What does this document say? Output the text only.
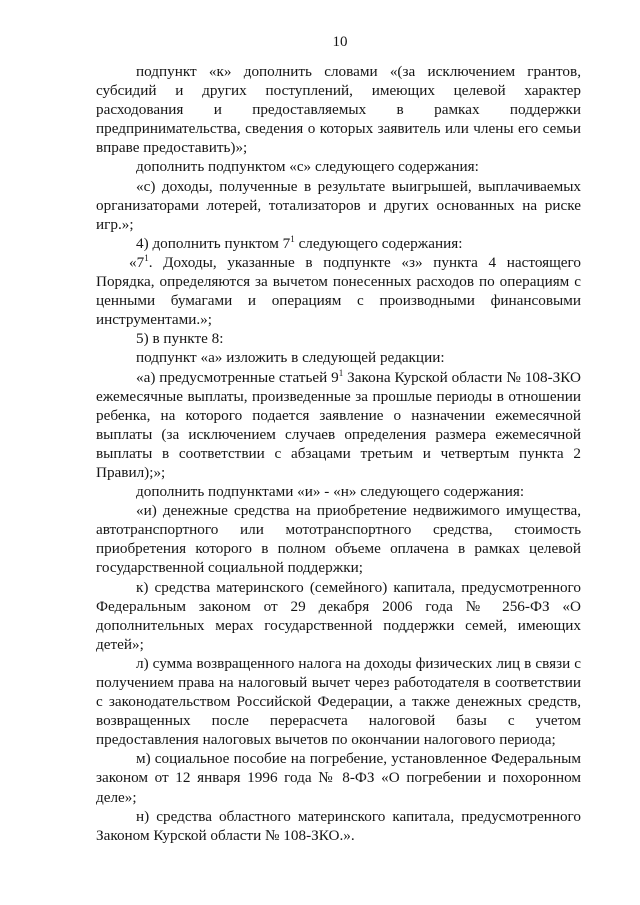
10

подпункт «к» дополнить словами «(за исключением грантов, субсидий и других поступлений, имеющих целевой характер расходования и предоставляемых в рамках поддержки предпринимательства, сведения о которых заявитель или члены его семьи вправе предоставить)»;

дополнить подпунктом «с» следующего содержания:

«с) доходы, полученные в результате выигрышей, выплачиваемых организаторами лотерей, тотализаторов и других основанных на риске игр.»;

4) дополнить пунктом $7^1$ следующего содержания:

«$7^1$. Доходы, указанные в подпункте «з» пункта 4 настоящего Порядка, определяются за вычетом понесенных расходов по операциям с ценными бумагами и операциям с производными финансовыми инструментами.»;

5) в пункте 8:

подпункт «а» изложить в следующей редакции:

«а) предусмотренные статьей $9^1$ Закона Курской области № 108-ЗКО ежемесячные выплаты, произведенные за прошлые периоды в отношении ребенка, на которого подается заявление о назначении ежемесячной выплаты (за исключением случаев определения размера ежемесячной выплаты в соответствии с абзацами третьим и четвертым пункта 2 Правил);»;

дополнить подпунктами «и» - «н» следующего содержания:

«и) денежные средства на приобретение недвижимого имущества, автотранспортного или мототранспортного средства, стоимость приобретения которого в полном объеме оплачена в рамках целевой государственной социальной поддержки;

к) средства материнского (семейного) капитала, предусмотренного Федеральным законом от 29 декабря 2006 года № 256-ФЗ «О дополнительных мерах государственной поддержки семей, имеющих детей»;

л) сумма возвращенного налога на доходы физических лиц в связи с получением права на налоговый вычет через работодателя в соответствии с законодательством Российской Федерации, а также денежных средств, возвращенных после перерасчета налоговой базы с учетом предоставления налоговых вычетов по окончании налогового периода;

м) социальное пособие на погребение, установленное Федеральным законом от 12 января 1996 года № 8-ФЗ «О погребении и похоронном деле»;

н) средства областного материнского капитала, предусмотренного Законом Курской области № 108-ЗКО.».
